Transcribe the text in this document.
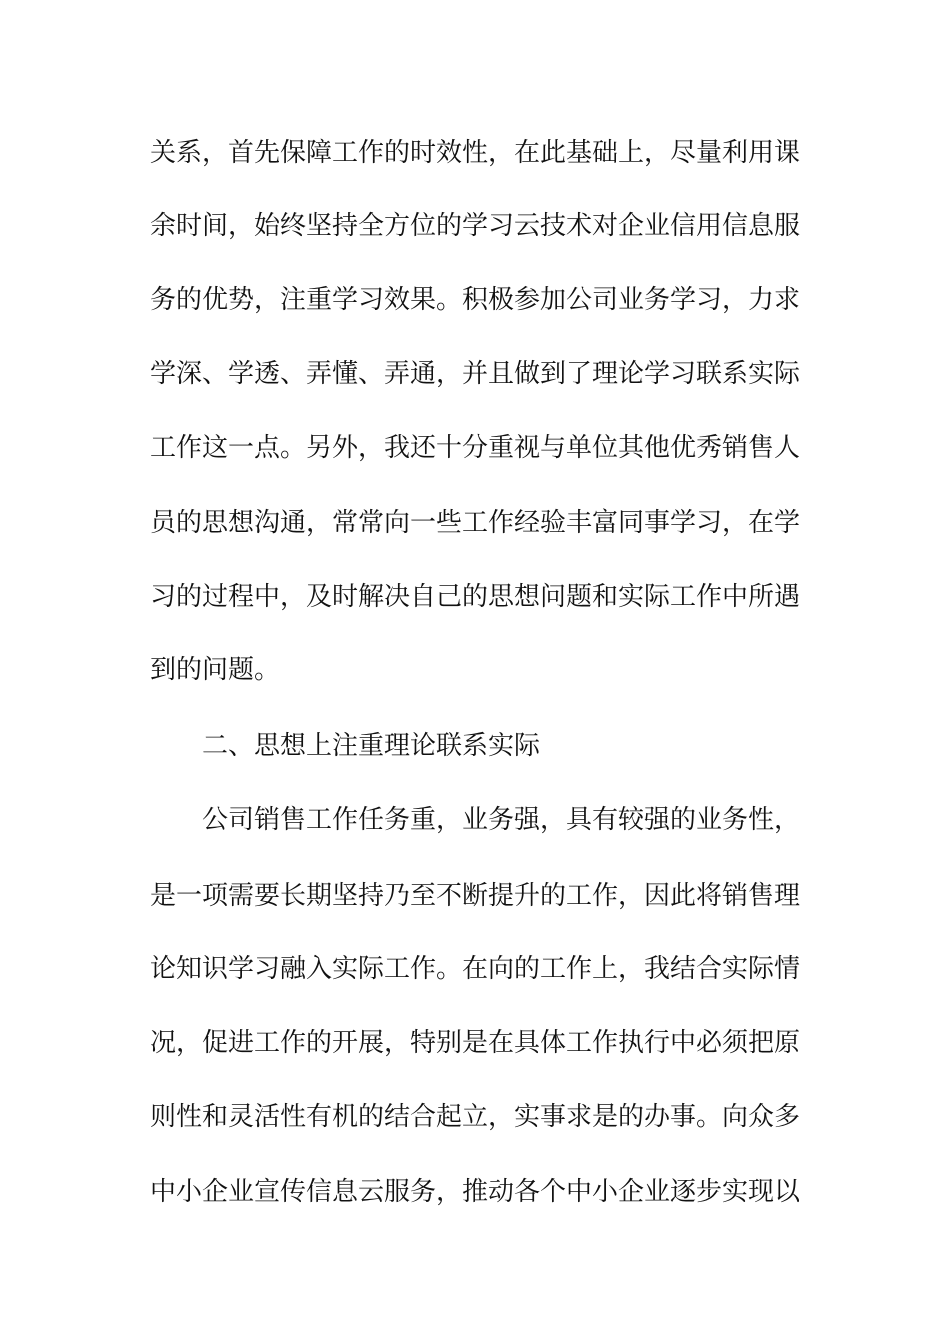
关系，首先保障工作的时效性，在此基础上，尽量利用课
余时间，始终坚持全方位的学习云技术对企业信用信息服
务的优势，注重学习效果。积极参加公司业务学习，力求
学深、学透、弄懂、弄通，并且做到了理论学习联系实际
工作这一点。另外，我还十分重视与单位其他优秀销售人
员的思想沟通，常常向一些工作经验丰富同事学习，在学
习的过程中，及时解决自己的思想问题和实际工作中所遇
到的问题。
二、思想上注重理论联系实际
公司销售工作任务重，业务强，具有较强的业务性，
是一项需要长期坚持乃至不断提升的工作，因此将销售理
论知识学习融入实际工作。在向的工作上，我结合实际情
况，促进工作的开展，特别是在具体工作执行中必须把原
则性和灵活性有机的结合起立，实事求是的办事。向众多
中小企业宣传信息云服务，推动各个中小企业逐步实现以
